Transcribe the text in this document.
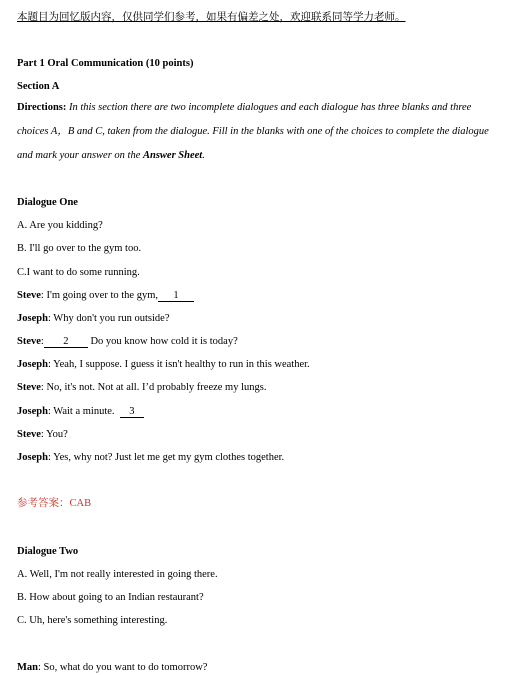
本题目为回忆版内容，仅供同学们参考，如果有偏差之处，欢迎联系同等学力老师。
Part 1 Oral Communication (10 points)
Section A
Directions: In this section there are two incomplete dialogues and each dialogue has three blanks and three choices A，B and C, taken from the dialogue. Fill in the blanks with one of the choices to complete the dialogue and mark your answer on the Answer Sheet.
Dialogue One
A. Are you kidding?
B. I'll go over to the gym too.
C.I want to do some running.
Steve: I'm going over to the gym, 1
Joseph: Why don't you run outside?
Steve: 2 Do you know how cold it is today?
Joseph: Yeah, I suppose. I guess it isn't healthy to run in this weather.
Steve: No, it's not. Not at all. I’d probably freeze my lungs.
Joseph: Wait a minute. 3
Steve: You?
Joseph: Yes, why not? Just let me get my gym clothes together.
参考答案：CAB
Dialogue Two
A. Well, I'm not really interested in going there.
B. How about going to an Indian restaurant?
C. Uh, here's something interesting.
Man: So, what do you want to do tomorrow?
